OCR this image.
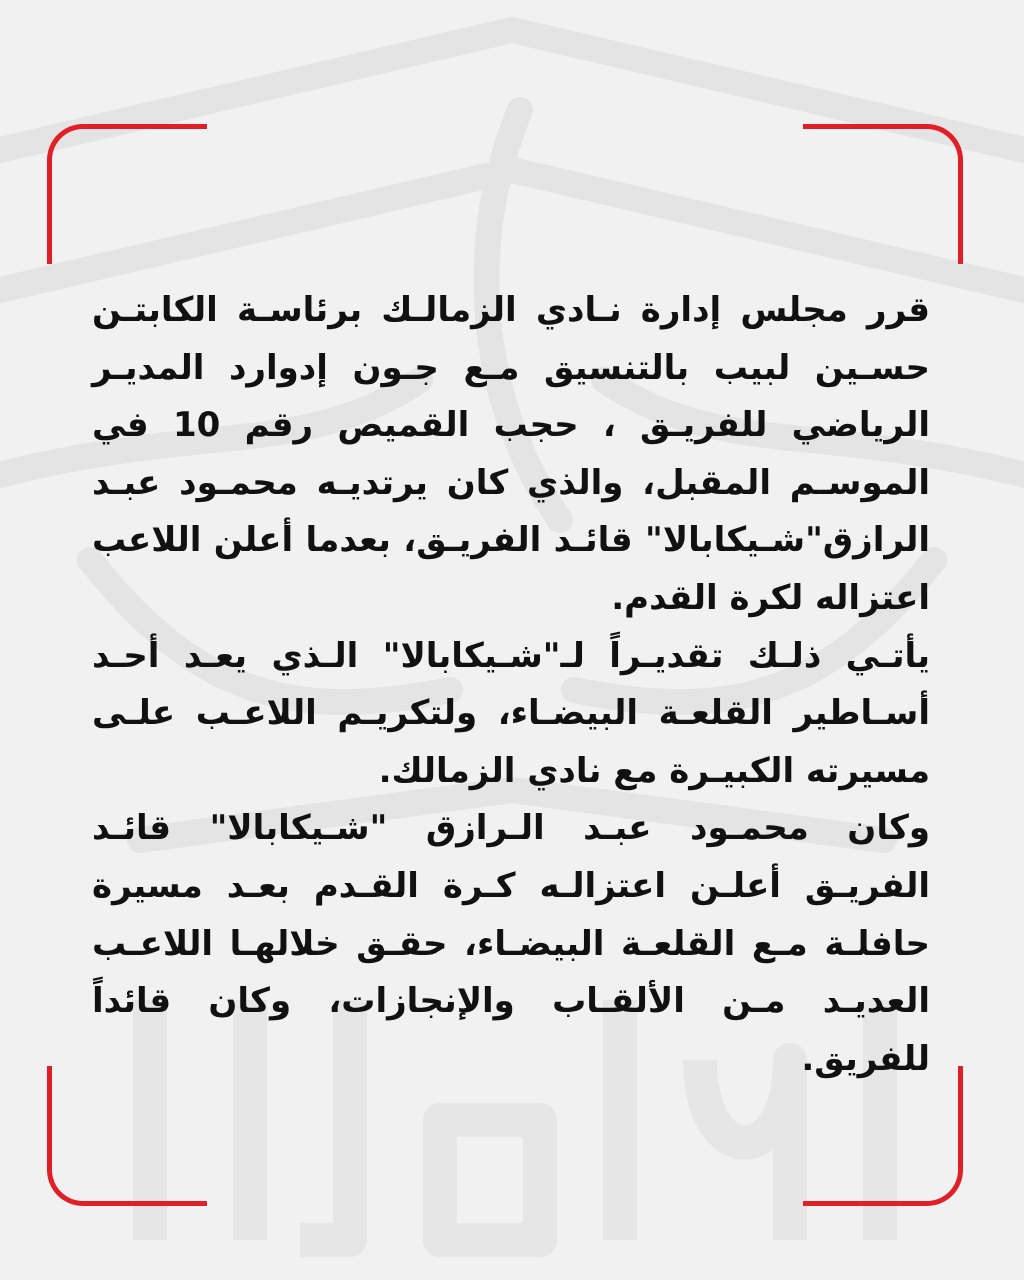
قرر مجلس إدارة نـادي الزمالـك برئاسـة الكابتـن حسـين لبيب بالتنسيق مـع جـون إدوارد المديـر الرياضي للفريـق ، حجب القميص رقم 10 في الموسـم المقبل، والذي كان يرتديـه محمـود عبـد الرازق"شـيكابالا" قائـد الفريـق، بعدما أعلن اللاعب اعتزاله لكرة القدم.

يأتـي ذلـك تقديـراً لـ"شـيكابالا" الـذي يعـد أحـد أسـاطير القلعـة البيضـاء، ولتكريـم اللاعـب علـى مسيرته الكبيـرة مع نادي الزمالك.

وكان محمـود عبـد الـرازق "شـيكابالا" قائـد الفريـق أعلـن اعتزالـه كـرة القـدم بعـد مسيرة حافلـة مـع القلعـة البيضـاء، حقـق خلالهـا اللاعـب العديـد مـن الألقـاب والإنجازات، وكان قائداً للفريق.
